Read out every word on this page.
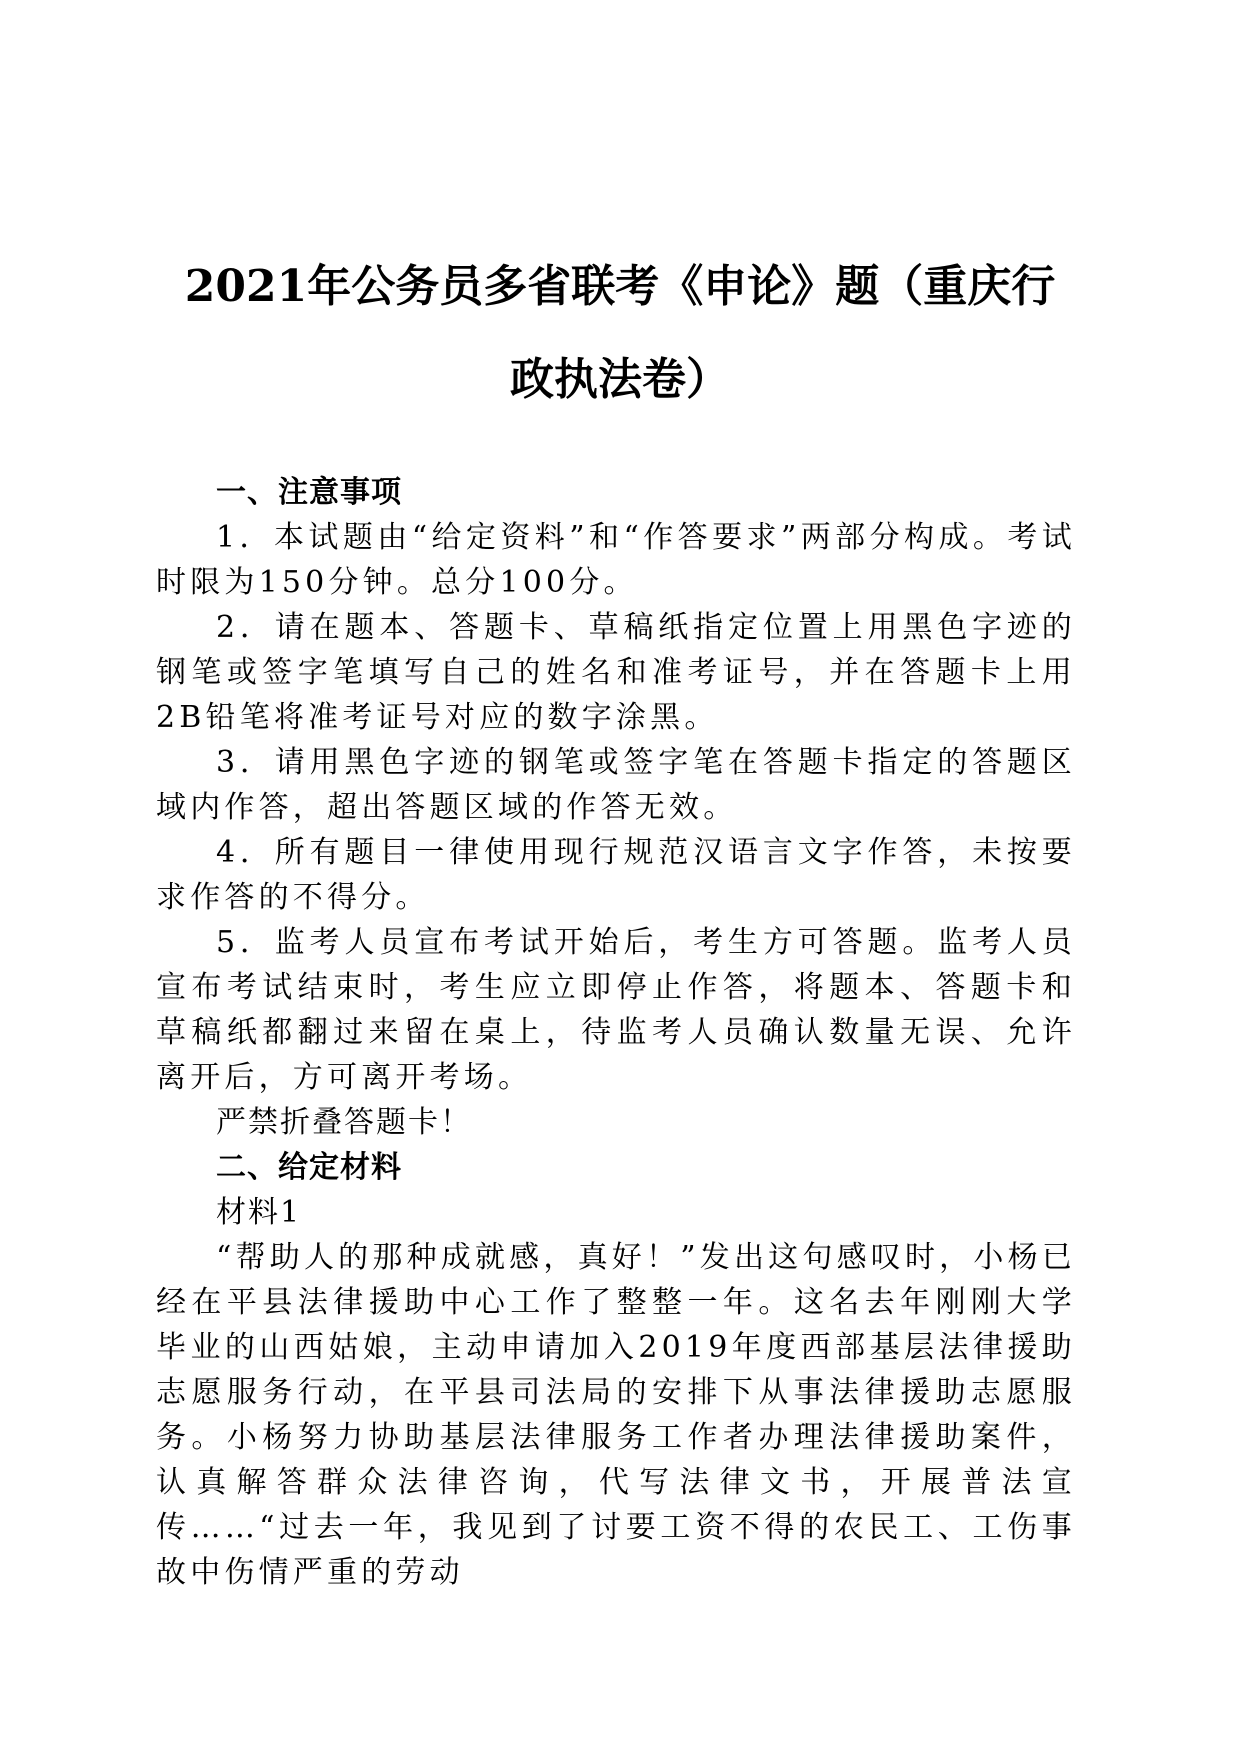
2021年公务员多省联考《申论》题（重庆行
政执法卷）

一、注意事项

1．本试题由“给定资料”和“作答要求”两部分构成。考试时限为150分钟。总分100分。

2．请在题本、答题卡、草稿纸指定位置上用黑色字迹的钢笔或签字笔填写自己的姓名和准考证号，并在答题卡上用2B铅笔将准考证号对应的数字涂黑。

3．请用黑色字迹的钢笔或签字笔在答题卡指定的答题区域内作答，超出答题区域的作答无效。

4．所有题目一律使用现行规范汉语言文字作答，未按要求作答的不得分。

5．监考人员宣布考试开始后，考生方可答题。监考人员宣布考试结束时，考生应立即停止作答，将题本、答题卡和草稿纸都翻过来留在桌上，待监考人员确认数量无误、允许离开后，方可离开考场。

严禁折叠答题卡！

二、给定材料

材料1

“帮助人的那种成就感，真好！”发出这句感叹时，小杨已经在平县法律援助中心工作了整整一年。这名去年刚刚大学毕业的山西姑娘，主动申请加入2019年度西部基层法律援助志愿服务行动，在平县司法局的安排下从事法律援助志愿服务。小杨努力协助基层法律服务工作者办理法律援助案件，认真解答群众法律咨询，代写法律文书，开展普法宣传……“过去一年，我见到了讨要工资不得的农民工、工伤事故中伤情严重的劳动
